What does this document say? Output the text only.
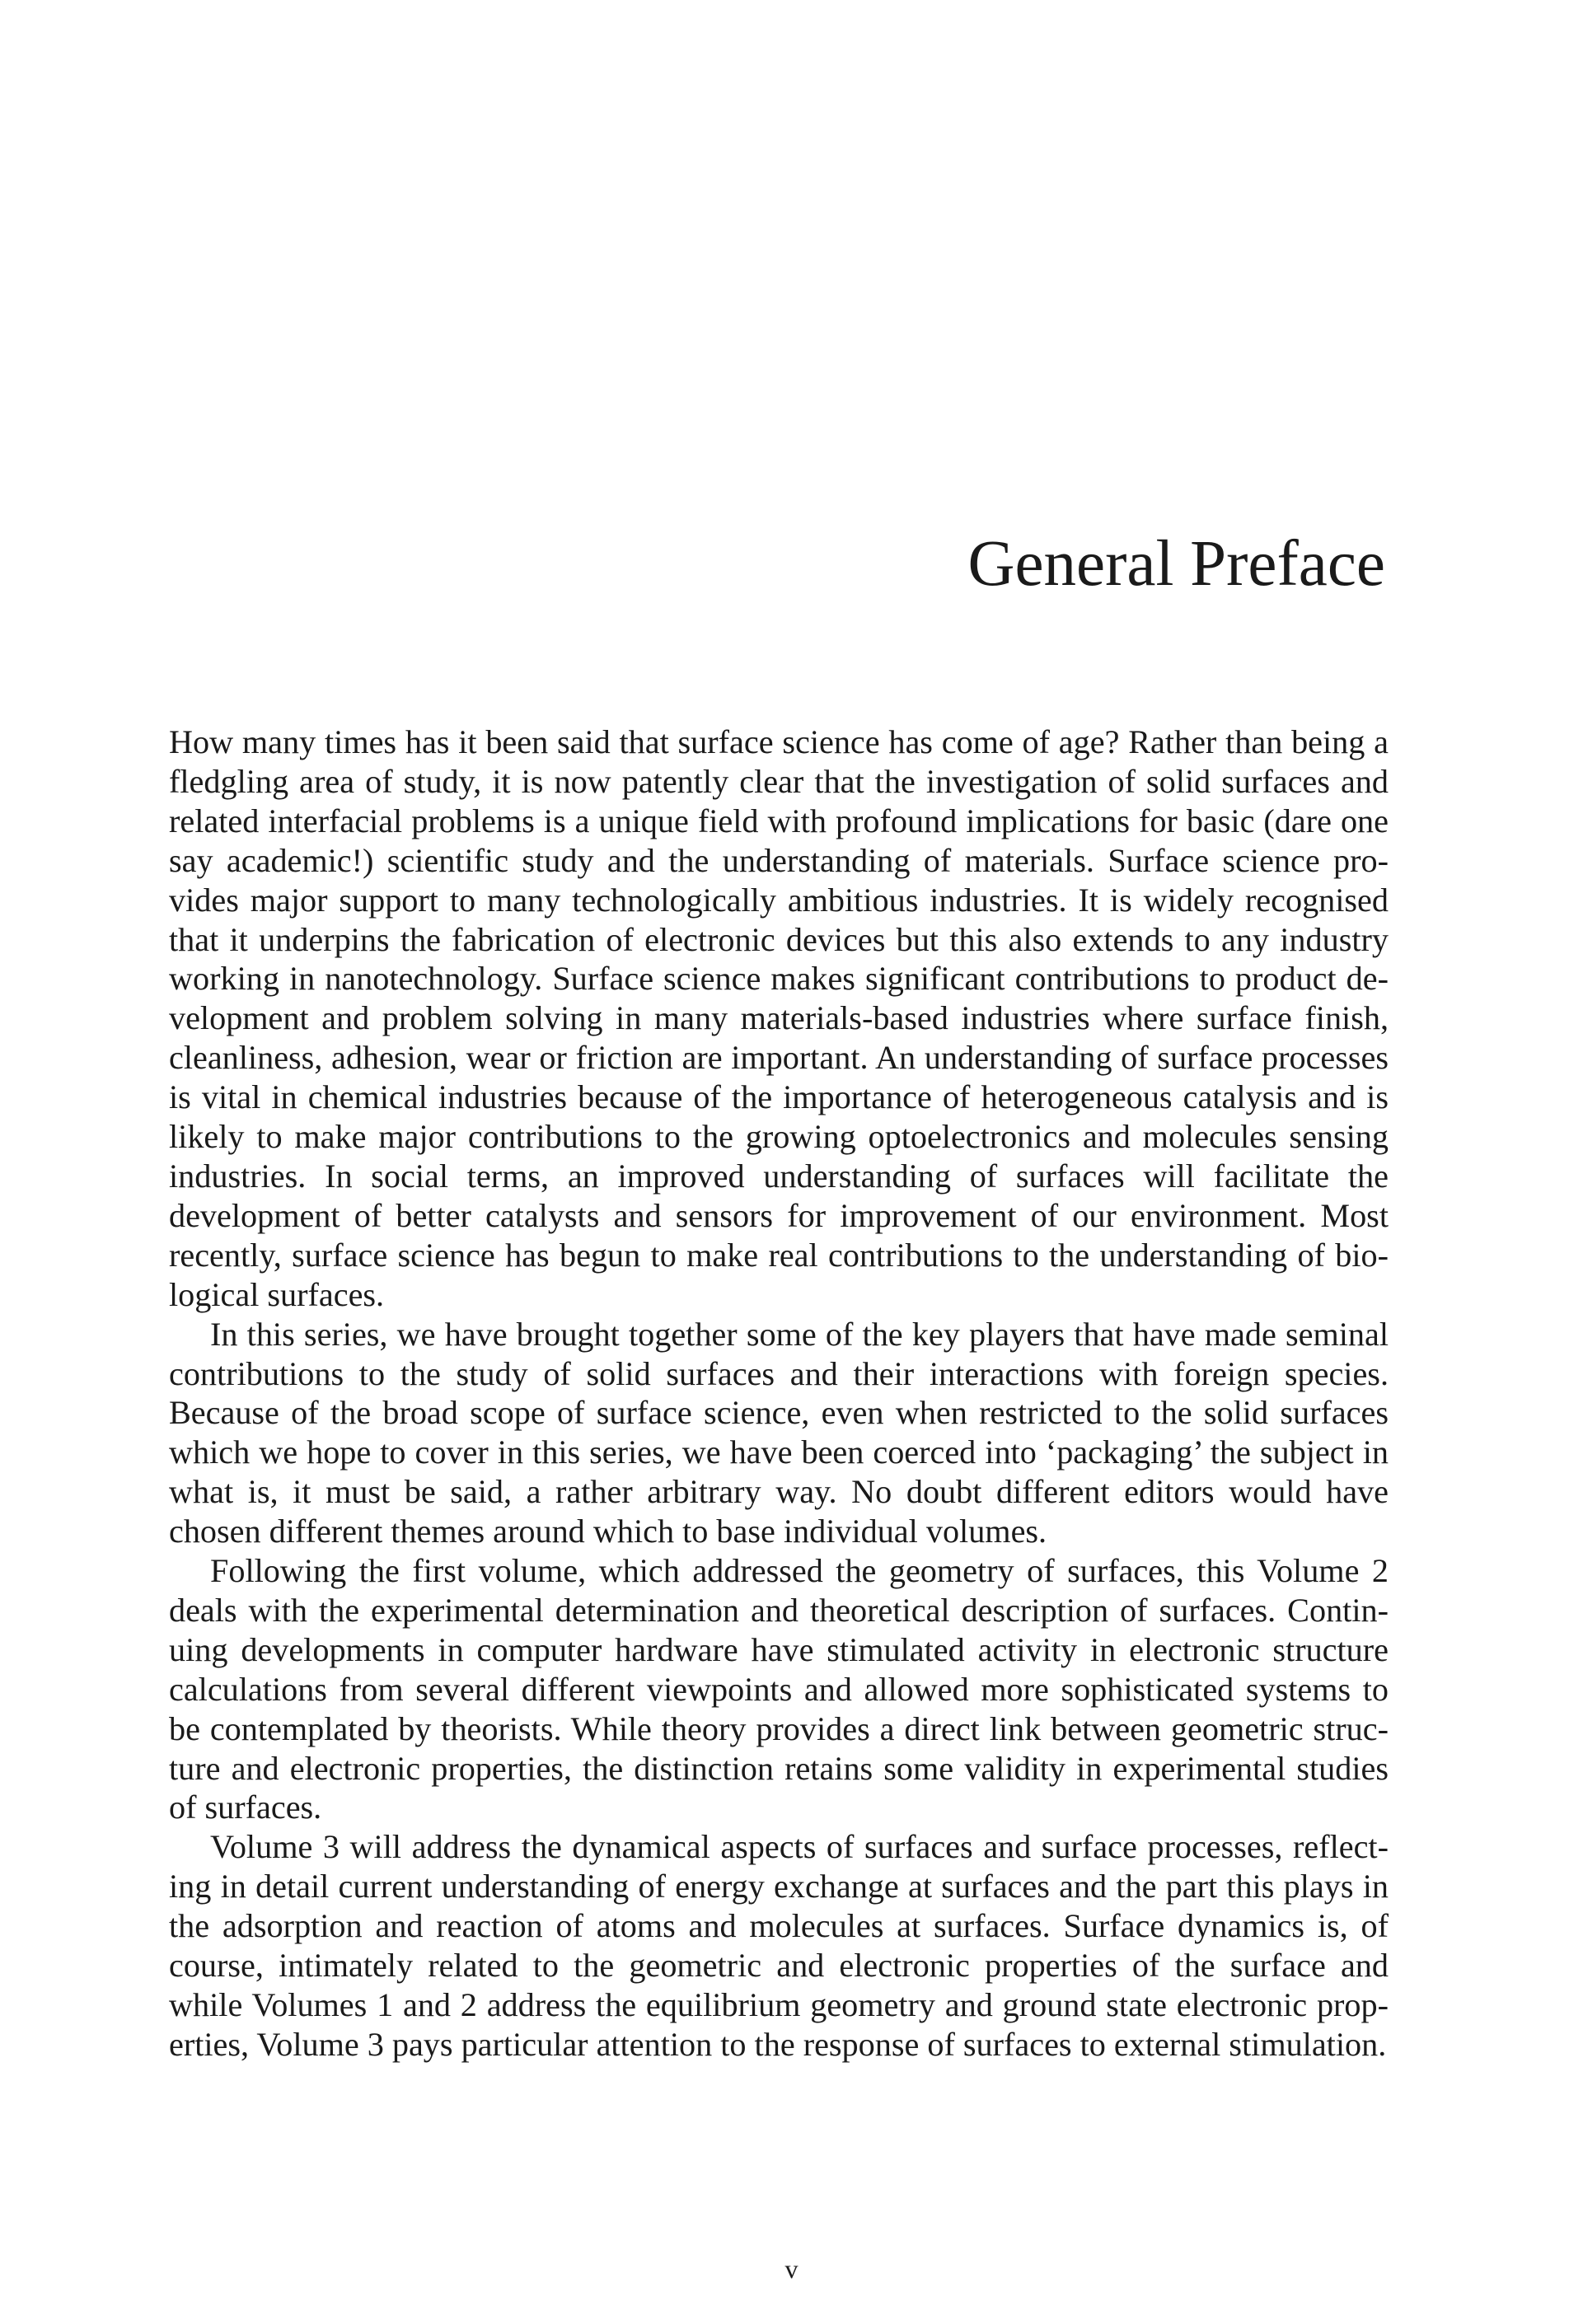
General Preface

How many times has it been said that surface science has come of age? Rather than being a fledgling area of study, it is now patently clear that the investigation of solid surfaces and related interfacial problems is a unique field with profound implications for basic (dare one say academic!) scientific study and the understanding of materials. Surface science provides major support to many technologically ambitious industries. It is widely recognised that it underpins the fabrication of electronic devices but this also extends to any industry working in nanotechnology. Surface science makes significant contributions to product development and problem solving in many materials-based industries where surface finish, cleanliness, adhesion, wear or friction are important. An understanding of surface processes is vital in chemical industries because of the importance of heterogeneous catalysis and is likely to make major contributions to the growing optoelectronics and molecules sensing industries. In social terms, an improved understanding of surfaces will facilitate the development of better catalysts and sensors for improvement of our environment. Most recently, surface science has begun to make real contributions to the understanding of biological surfaces.

In this series, we have brought together some of the key players that have made seminal contributions to the study of solid surfaces and their interactions with foreign species. Because of the broad scope of surface science, even when restricted to the solid surfaces which we hope to cover in this series, we have been coerced into ‘packaging’ the subject in what is, it must be said, a rather arbitrary way. No doubt different editors would have chosen different themes around which to base individual volumes.

Following the first volume, which addressed the geometry of surfaces, this Volume 2 deals with the experimental determination and theoretical description of surfaces. Continuing developments in computer hardware have stimulated activity in electronic structure calculations from several different viewpoints and allowed more sophisticated systems to be contemplated by theorists. While theory provides a direct link between geometric structure and electronic properties, the distinction retains some validity in experimental studies of surfaces.

Volume 3 will address the dynamical aspects of surfaces and surface processes, reflecting in detail current understanding of energy exchange at surfaces and the part this plays in the adsorption and reaction of atoms and molecules at surfaces. Surface dynamics is, of course, intimately related to the geometric and electronic properties of the surface and while Volumes 1 and 2 address the equilibrium geometry and ground state electronic properties, Volume 3 pays particular attention to the response of surfaces to external stimulation.

v
